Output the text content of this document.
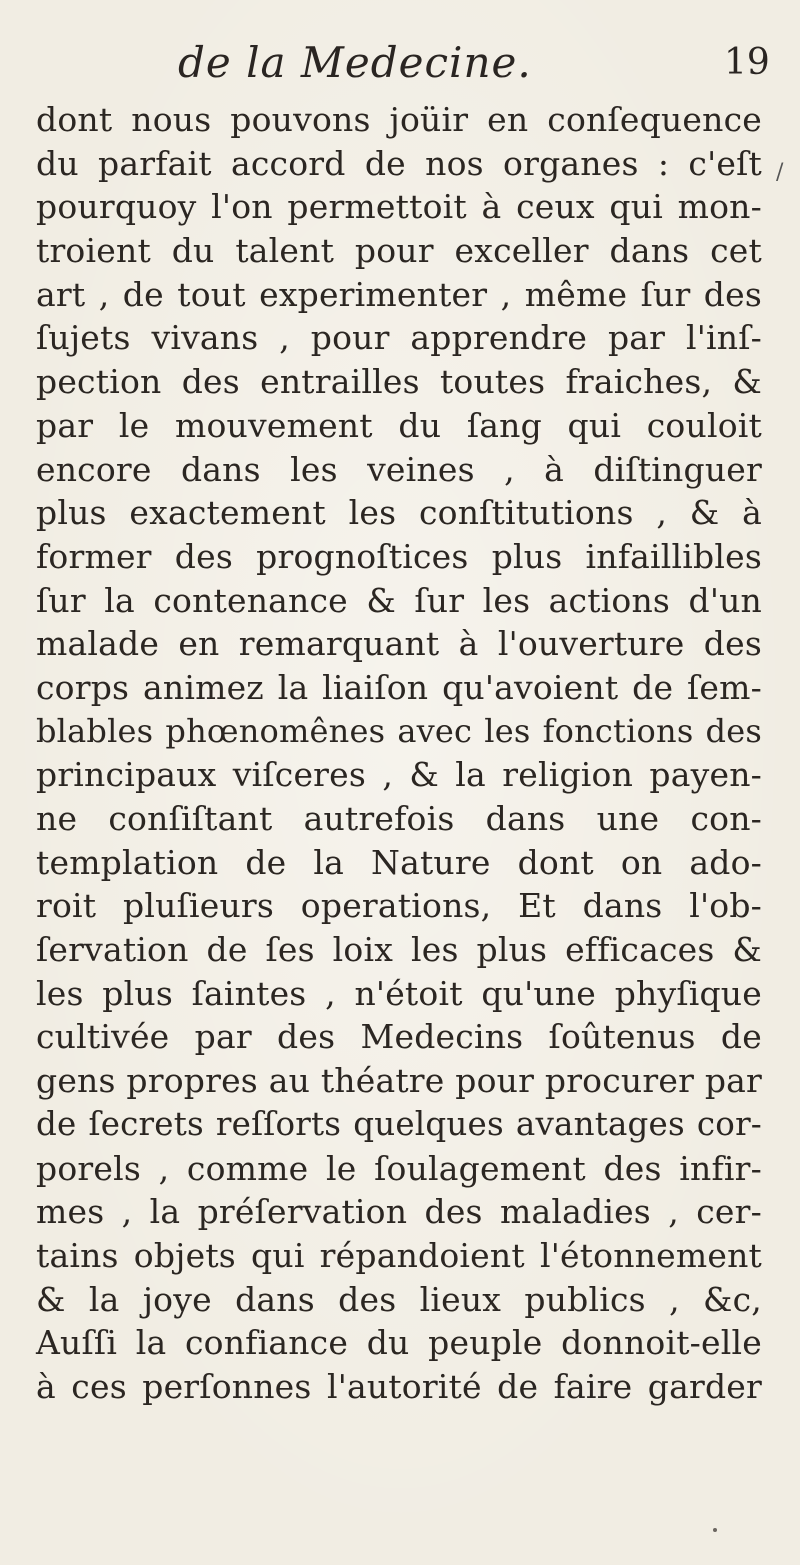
de la Medecine.	19
/
dont nous pouvons joüir en conſequence
du parfait accord de nos organes : c'eſt
pourquoy l'on permettoit à ceux qui mon-
troient du talent pour exceller dans cet
art , de tout experimenter , même ſur des
ſujets vivans , pour apprendre par l'inſ-
pection des entrailles toutes fraiches, &
par le mouvement du ſang qui couloit
encore dans les veines , à diſtinguer
plus exactement les conſtitutions , & à
former des prognoſtices plus infaillibles
ſur la contenance & ſur les actions d'un
malade en remarquant à l'ouverture des
corps animez la liaiſon qu'avoient de ſem-
blables phœnomênes avec les fonctions des
principaux viſceres , & la religion payen-
ne conſiſtant autrefois dans une con-
templation de la Nature dont on ado-
roit pluſieurs operations, Et dans l'ob-
ſervation de ſes loix les plus efficaces &
les plus ſaintes , n'étoit qu'une phyſique
cultivée par des Medecins ſoûtenus de
gens propres au théatre pour procurer par
de ſecrets reſſorts quelques avantages cor-
porels , comme le ſoulagement des infir-
mes , la préſervation des maladies , cer-
tains objets qui répandoient l'étonnement
& la joye dans des lieux publics , &c,
Auſſi la confiance du peuple donnoit-elle
à ces perſonnes l'autorité de faire garder
